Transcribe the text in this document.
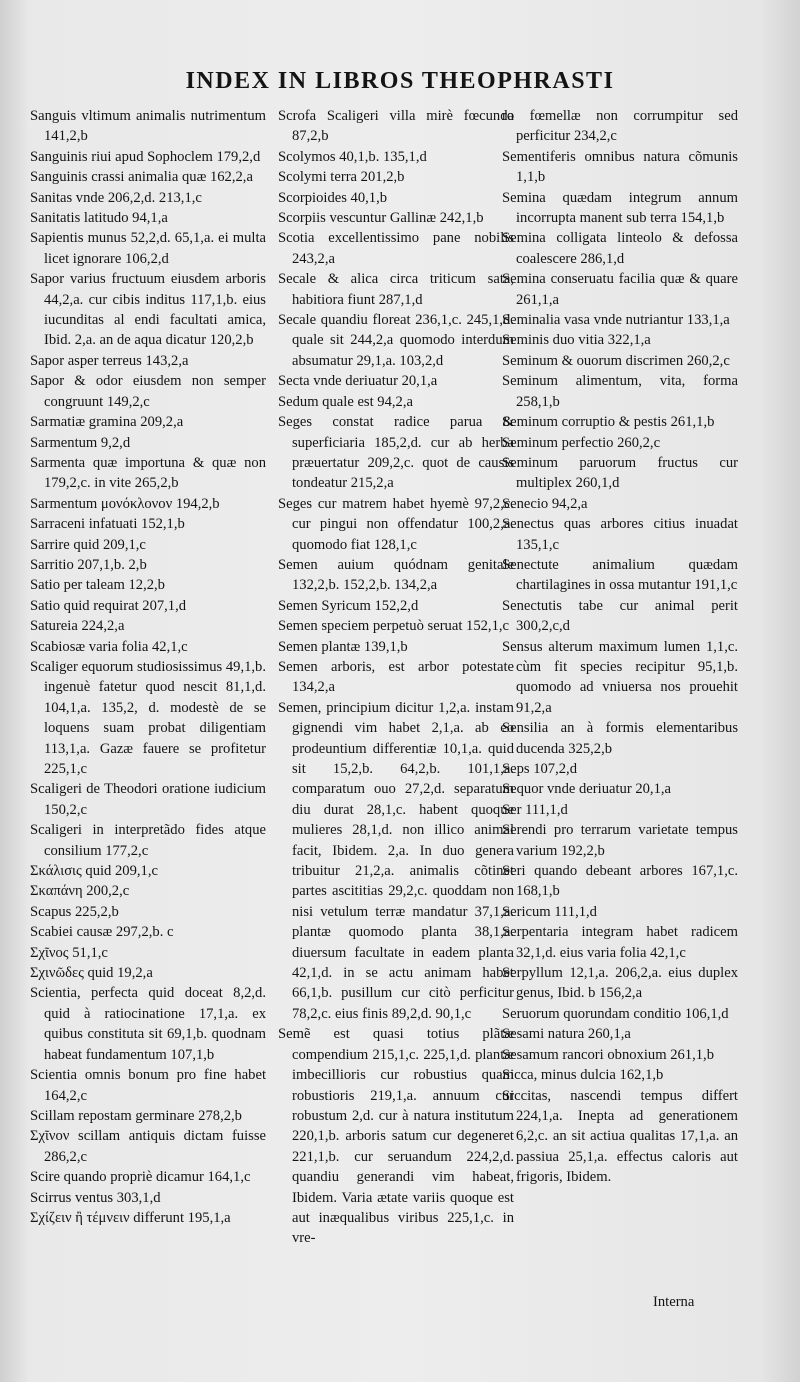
INDEX IN LIBROS THEOPHRASTI

Sanguis vltimum animalis nutrimentum 141,2,b

Sanguinis riui apud Sophoclem 179,2,d

Sanguinis crassi animalia quæ 162,2,a

Sanitas vnde 206,2,d. 213,1,c

Sanitatis latitudo 94,1,a

Sapientis munus 52,2,d. 65,1,a. ei multa licet ignorare 106,2,d

Sapor varius fructuum eiusdem arboris 44,2,a. cur cibis inditus 117,1,b. eius iucunditas al endi facultati amica, Ibid. 2,a. an de aqua dicatur 120,2,b

Sapor asper terreus 143,2,a

Sapor & odor eiusdem non semper congruunt 149,2,c

Sarmatiæ gramina 209,2,a

Sarmentum 9,2,d

Sarmenta quæ importuna & quæ non 179,2,c. in vite 265,2,b

Sarmentum μονόκλονον 194,2,b

Sarraceni infatuati 152,1,b

Sarrire quid 209,1,c

Sarritio 207,1,b. 2,b

Satio per taleam 12,2,b

Satio quid requirat 207,1,d

Satureia 224,2,a

Scabiosæ varia folia 42,1,c

Scaliger equorum studiosissimus 49,1,b. ingenuè fatetur quod nescit 81,1,d. 104,1,a. 135,2, d. modestè de se loquens suam probat diligentiam 113,1,a. Gazæ fauere se profitetur 225,1,c

Scaligeri de Theodori oratione iudicium 150,2,c

Scaligeri in interpretãdo fides atque consilium 177,2,c

Σκάλισις quid 209,1,c

Σκαπάνη 200,2,c

Scapus 225,2,b

Scabiei causæ 297,2,b. c

Σχῖνος 51,1,c

Σχινῶδες quid 19,2,a

Scientia, perfecta quid doceat 8,2,d. quid à ratiocinatione 17,1,a. ex quibus constituta sit 69,1,b. quodnam habeat fundamentum 107,1,b

Scientia omnis bonum pro fine habet 164,2,c

Scillam repostam germinare 278,2,b

Σχῖνον scillam antiquis dictam fuisse 286,2,c

Scire quando propriè dicamur 164,1,c

Scirrus ventus 303,1,d

Σχίζειν ἢ τέμνειν differunt 195,1,a

Scrofa Scaligeri villa mirè fœcunda 87,2,b

Scolymos 40,1,b. 135,1,d

Scolymi terra 201,2,b

Scorpioides 40,1,b

Scorpiis vescuntur Gallinæ 242,1,b

Scotia excellentissimo pane nobilis 243,2,a

Secale & alica circa triticum sata, habitiora fiunt 287,1,d

Secale quandiu floreat 236,1,c. 245,1,d. quale sit 244,2,a quomodo interdum absumatur 29,1,a. 103,2,d

Secta vnde deriuatur 20,1,a

Sedum quale est 94,2,a

Seges constat radice parua & superficiaria 185,2,d. cur ab herba præuertatur 209,2,c. quot de causis tondeatur 215,2,a

Seges cur matrem habet hyemè 97,2,c. cur pingui non offendatur 100,2,a. quomodo fiat 128,1,c

Semen auium quódnam genitale 132,2,b. 152,2,b. 134,2,a

Semen Syricum 152,2,d

Semen speciem perpetuò seruat 152,1,c

Semen plantæ 139,1,b

Semen arboris, est arbor potestate 134,2,a

Semen, principium dicitur 1,2,a. instam gignendi vim habet 2,1,a. ab eo prodeuntium differentiæ 10,1,a. quid sit 15,2,b. 64,2,b. 101,1,a. comparatum ouo 27,2,d. separatum diu durat 28,1,c. habent quoque mulieres 28,1,d. non illico animal facit, Ibidem. 2,a. In duo genera tribuitur 21,2,a. animalis cõtinet partes ascititias 29,2,c. quoddam non nisi vetulum terræ mandatur 37,1,a. plantæ quomodo planta 38,1,a. diuersum facultate in eadem planta 42,1,d. in se actu animam habet 66,1,b. pusillum cur citò perficitur 78,2,c. eius finis 89,2,d. 90,1,c

Semẽ est quasi totius plãtæ compendium 215,1,c. 225,1,d. plantæ imbecillioris cur robustius quam robustioris 219,1,a. annuum cur robustum 2,d. cur à natura institutum 220,1,b. arboris satum cur degeneret 221,1,b. cur seruandum 224,2,d. quandiu generandi vim habeat, Ibidem. Varia ætate variis quoque est aut inæqualibus viribus 225,1,c. in vre-

ro fœmellæ non corrumpitur sed perficitur 234,2,c

Sementiferis omnibus natura cõmunis 1,1,b

Semina quædam integrum annum incorrupta manent sub terra 154,1,b

Semina colligata linteolo & defossa coalescere 286,1,d

Semina conseruatu facilia quæ & quare 261,1,a

Seminalia vasa vnde nutriantur 133,1,a

Seminis duo vitia 322,1,a

Seminum & ouorum discrimen 260,2,c

Seminum alimentum, vita, forma 258,1,b

Seminum corruptio & pestis 261,1,b

Seminum perfectio 260,2,c

Seminum paruorum fructus cur multiplex 260,1,d

Senecio 94,2,a

Senectus quas arbores citius inuadat 135,1,c

Senectute animalium quædam chartilagines in ossa mutantur 191,1,c

Senectutis tabe cur animal perit 300,2,c,d

Sensus alterum maximum lumen 1,1,c. cùm fit species recipitur 95,1,b. quomodo ad vniuersa nos prouehit 91,2,a

Sensilia an à formis elementaribus ducenda 325,2,b

Seps 107,2,d

Sequor vnde deriuatur 20,1,a

Ser 111,1,d

Serendi pro terrarum varietate tempus varium 192,2,b

Seri quando debeant arbores 167,1,c. 168,1,b

Sericum 111,1,d

Serpentaria integram habet radicem 32,1,d. eius varia folia 42,1,c

Serpyllum 12,1,a. 206,2,a. eius duplex genus, Ibid. b 156,2,a

Seruorum quorundam conditio 106,1,d

Sesami natura 260,1,a

Sesamum rancori obnoxium 261,1,b

Sicca, minus dulcia 162,1,b

Siccitas, nascendi tempus differt 224,1,a. Inepta ad generationem 6,2,c. an sit actiua qualitas 17,1,a. an passiua 25,1,a. effectus caloris aut frigoris, Ibidem.

Interna
